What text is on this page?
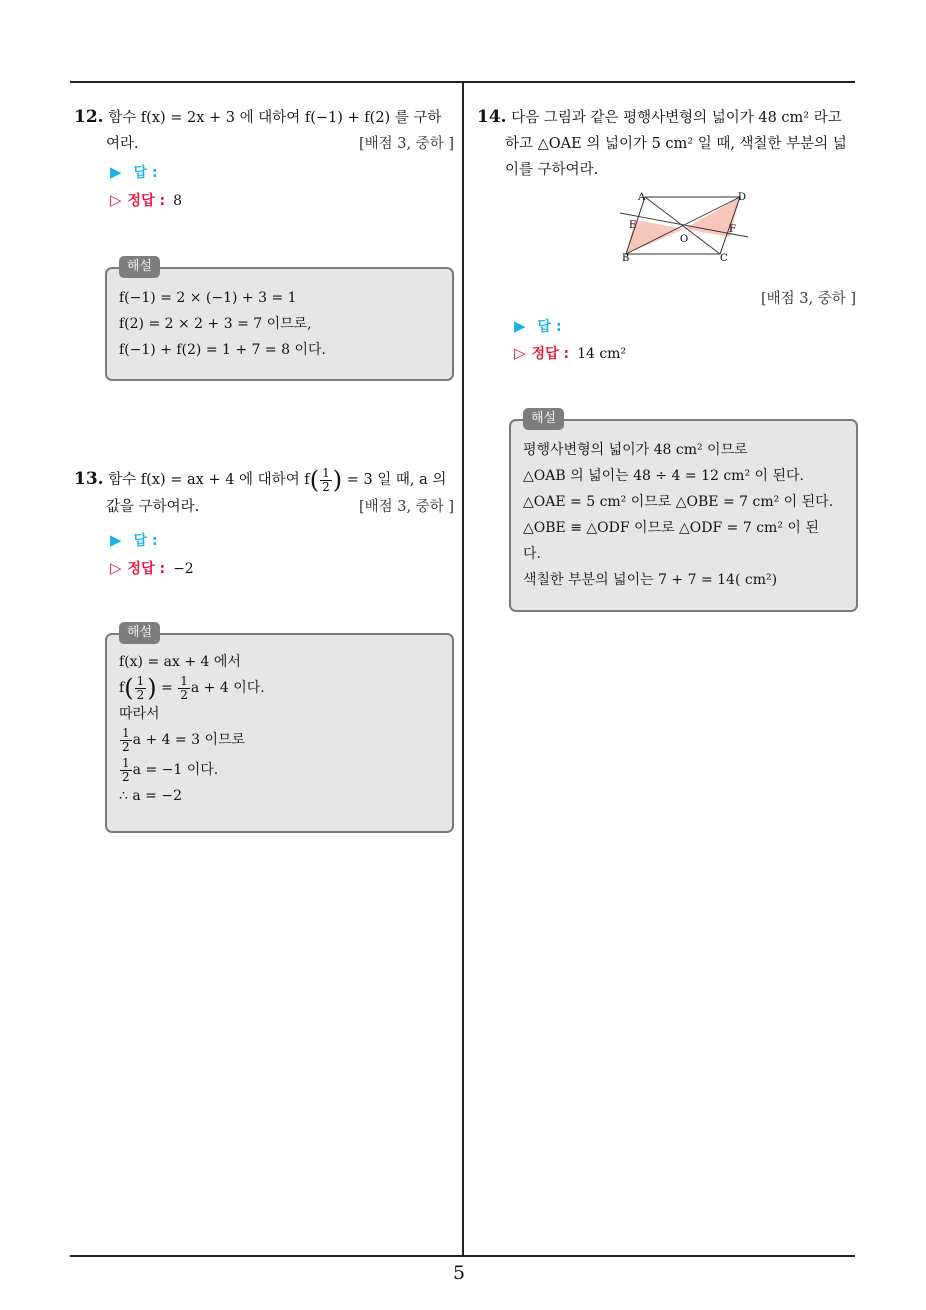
5
12. 함수 f(x) = 2x + 3 에 대하여 f(−1) + f(2) 를 구하
여라.	[배점 3, 중하 ]
▶ 답 :
▷ 정답 : 8
해설
f(−1) = 2 × (−1) + 3 = 1
f(2) = 2 × 2 + 3 = 7 이므로,
f(−1) + f(2) = 1 + 7 = 8 이다.
13. 함수 f(x) = ax + 4 에 대하여 $f( \frac{1}{2}$ ) = 3 일 때, a 의
값을 구하여라.	[배점 3, 중하 ]
▶ 답 :
▷ 정답 : −2
해설
f(x) = ax + 4 에서
$f( \frac{1}{2}$ ) = $\frac{1}{2}$ a + 4 이다.
따라서
$\frac{1}{2}$ a + 4 = 3 이므로
$\frac{1}{2}$ a = −1 이다.
∴ a = −2
14. 다음 그림과 같은 평행사변형의 넓이가 48 cm² 라고
하고 △OAE 의 넓이가 5 cm² 일 때, 색칠한 부분의 넓
이를 구하여라.
A	D
E
O
F
B	C
[배점 3, 중하 ]
▶ 답 :
▷ 정답 : 14 cm²
해설
평행사변형의 넓이가 48 cm² 이므로
△OAB 의 넓이는 48 ÷ 4 = 12 cm² 이 된다.
△OAE = 5 cm² 이므로 △OBE = 7 cm² 이 된다.
△OBE ≡ △ODF 이므로 △ODF = 7 cm² 이 된
다.
색칠한 부분의 넓이는 7 + 7 = 14( cm²)
